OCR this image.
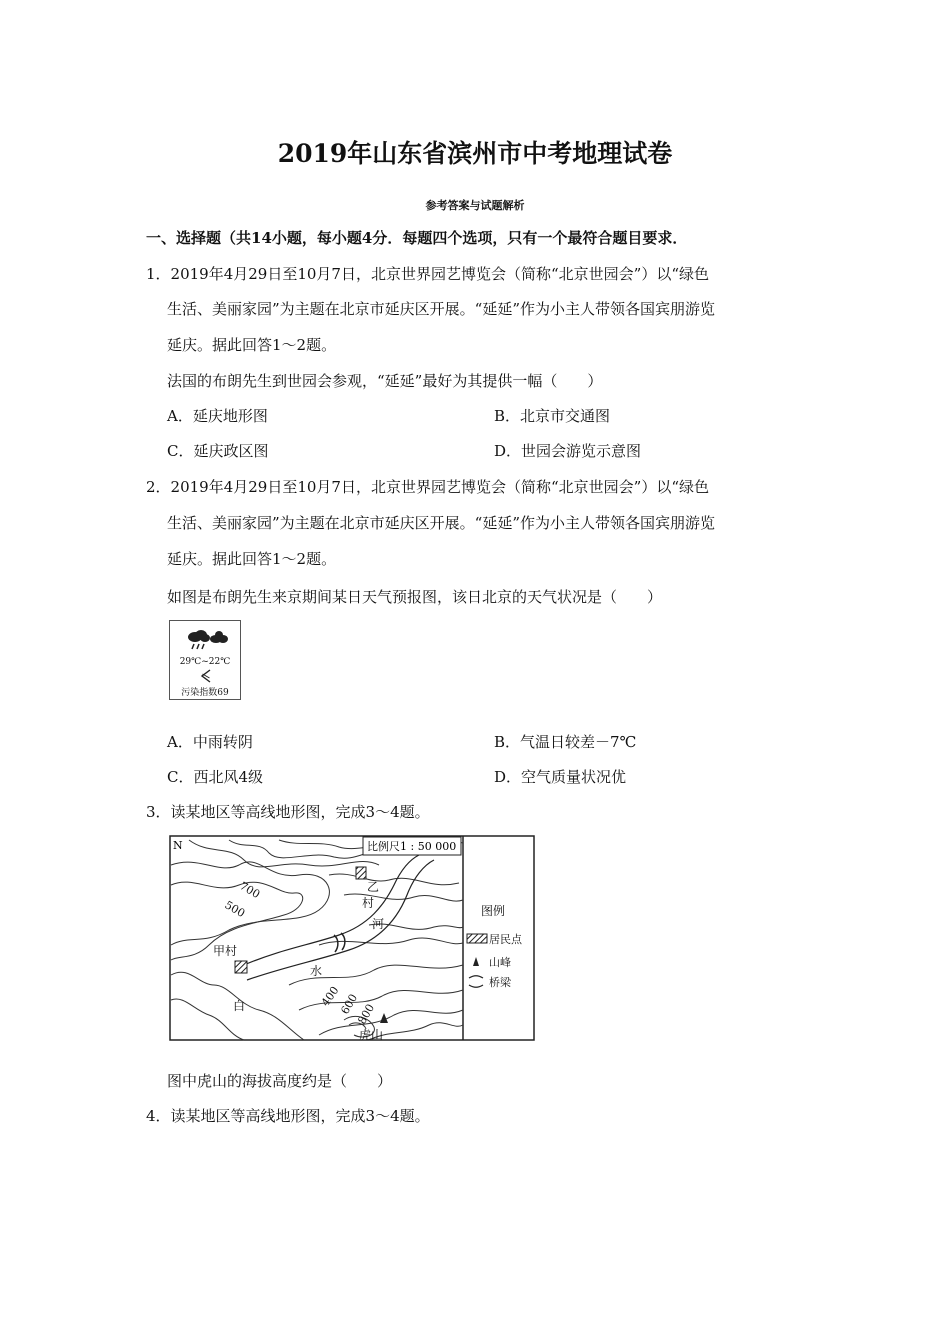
2019年山东省滨州市中考地理试卷
参考答案与试题解析
一、选择题（共14小题，每小题4分．每题四个选项，只有一个最符合题目要求．
1．2019年4月29日至10月7日，北京世界园艺博览会（简称“北京世园会”）以“绿色
生活、美丽家园”为主题在北京市延庆区开展。“延延”作为小主人带领各国宾朋游览
延庆。据此回答1～2题。
法国的布朗先生到世园会参观，“延延”最好为其提供一幅（　　）
A．延庆地形图	B．北京市交通图
C．延庆政区图	D．世园会游览示意图
2．2019年4月29日至10月7日，北京世界园艺博览会（简称“北京世园会”）以“绿色
生活、美丽家园”为主题在北京市延庆区开展。“延延”作为小主人带领各国宾朋游览
延庆。据此回答1～2题。
如图是布朗先生来京期间某日天气预报图，该日北京的天气状况是（　　）
29℃~22℃
污染指数69
A．中雨转阴	B．气温日较差－7℃
C．西北风4级	D．空气质量状况优
3．读某地区等高线地形图，完成3～4题。
比例尺1 : 50 000
N
700
500
400
600
800
甲村
乙
村
河
水
白
虎山
图例
居民点
山峰
桥梁
图中虎山的海拔高度约是（　　）
4．读某地区等高线地形图，完成3～4题。
